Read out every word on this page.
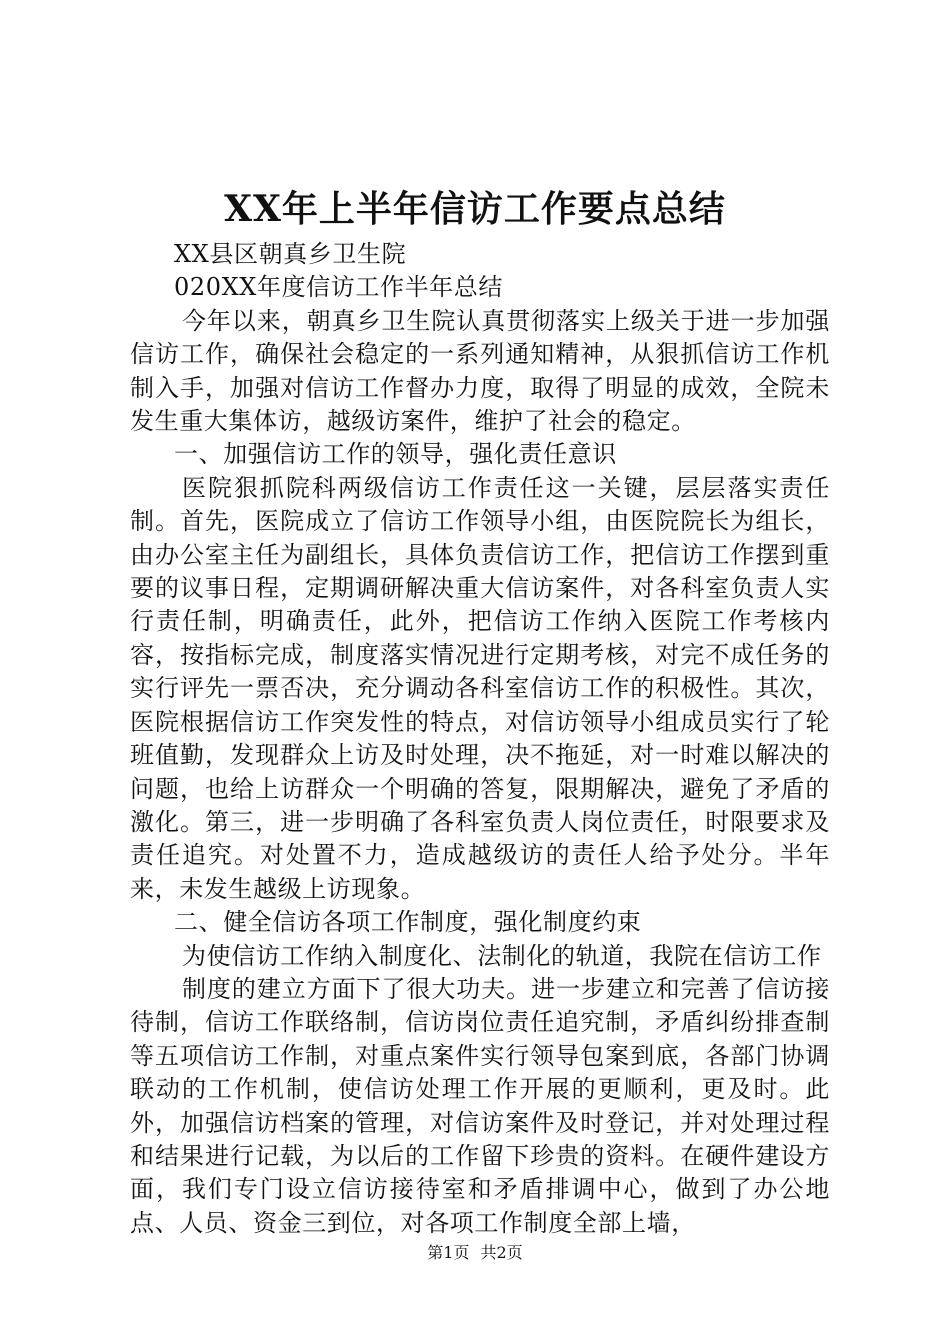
XX年上半年信访工作要点总结

XX县区朝真乡卫生院

020XX年度信访工作半年总结

今年以来，朝真乡卫生院认真贯彻落实上级关于进一步加强信访工作，确保社会稳定的一系列通知精神，从狠抓信访工作机制入手，加强对信访工作督办力度，取得了明显的成效，全院未发生重大集体访，越级访案件，维护了社会的稳定。

一、加强信访工作的领导，强化责任意识

医院狠抓院科两级信访工作责任这一关键，层层落实责任制。首先，医院成立了信访工作领导小组，由医院院长为组长，由办公室主任为副组长，具体负责信访工作，把信访工作摆到重要的议事日程，定期调研解决重大信访案件，对各科室负责人实行责任制，明确责任，此外，把信访工作纳入医院工作考核内容，按指标完成，制度落实情况进行定期考核，对完不成任务的实行评先一票否决，充分调动各科室信访工作的积极性。其次，医院根据信访工作突发性的特点，对信访领导小组成员实行了轮班值勤，发现群众上访及时处理，决不拖延，对一时难以解决的问题，也给上访群众一个明确的答复，限期解决，避免了矛盾的激化。第三，进一步明确了各科室负责人岗位责任，时限要求及责任追究。对处置不力，造成越级访的责任人给予处分。半年来，未发生越级上访现象。

二、健全信访各项工作制度，强化制度约束

为使信访工作纳入制度化、法制化的轨道，我院在信访工作

制度的建立方面下了很大功夫。进一步建立和完善了信访接待制，信访工作联络制，信访岗位责任追究制，矛盾纠纷排查制等五项信访工作制，对重点案件实行领导包案到底，各部门协调联动的工作机制，使信访处理工作开展的更顺利，更及时。此外，加强信访档案的管理，对信访案件及时登记，并对处理过程和结果进行记载，为以后的工作留下珍贵的资料。在硬件建设方面，我们专门设立信访接待室和矛盾排调中心，做到了办公地点、人员、资金三到位，对各项工作制度全部上墙，

第1页 共2页
